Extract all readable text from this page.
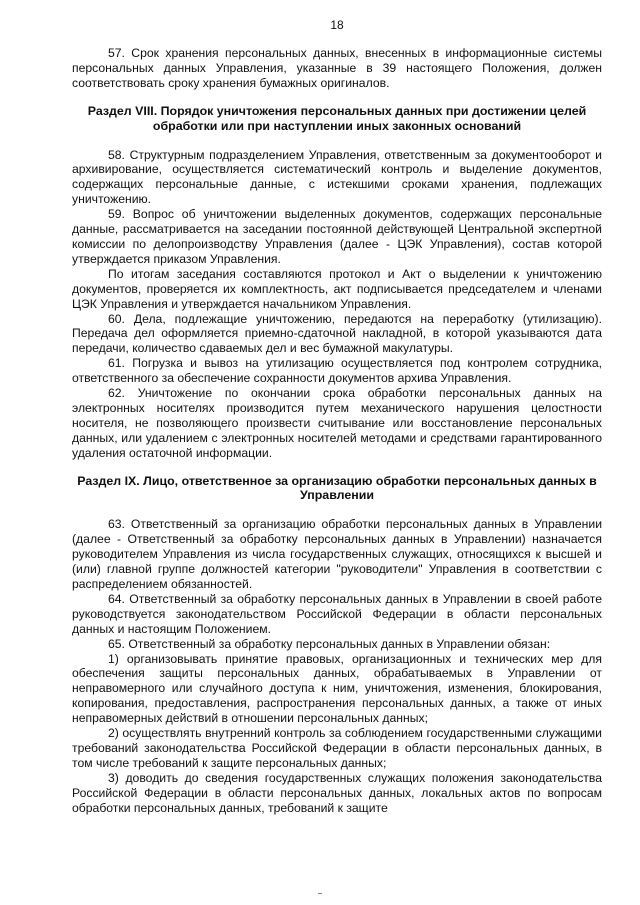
18

57. Срок хранения персональных данных, внесенных в информационные системы персональных данных Управления, указанные в 39 настоящего Положения, должен соответствовать сроку хранения бумажных оригиналов.

Раздел VIII. Порядок уничтожения персональных данных при достижении целей обработки или при наступлении иных законных оснований

58. Структурным подразделением Управления, ответственным за документооборот и архивирование, осуществляется систематический контроль и выделение документов, содержащих персональные данные, с истекшими сроками хранения, подлежащих уничтожению.

59. Вопрос об уничтожении выделенных документов, содержащих персональные данные, рассматривается на заседании постоянной действующей Центральной экспертной комиссии по делопроизводству Управления (далее - ЦЭК Управления), состав которой утверждается приказом Управления.

По итогам заседания составляются протокол и Акт о выделении к уничтожению документов, проверяется их комплектность, акт подписывается председателем и членами ЦЭК Управления и утверждается начальником Управления.

60. Дела, подлежащие уничтожению, передаются на переработку (утилизацию). Передача дел оформляется приемно-сдаточной накладной, в которой указываются дата передачи, количество сдаваемых дел и вес бумажной макулатуры.

61. Погрузка и вывоз на утилизацию осуществляется под контролем сотрудника, ответственного за обеспечение сохранности документов архива Управления.

62. Уничтожение по окончании срока обработки персональных данных на электронных носителях производится путем механического нарушения целостности носителя, не позволяющего произвести считывание или восстановление персональных данных, или удалением с электронных носителей методами и средствами гарантированного удаления остаточной информации.

Раздел IX. Лицо, ответственное за организацию обработки персональных данных в Управлении

63. Ответственный за организацию обработки персональных данных в Управлении (далее - Ответственный за обработку персональных данных в Управлении) назначается руководителем Управления из числа государственных служащих, относящихся к высшей и (или) главной группе должностей категории "руководители" Управления в соответствии с распределением обязанностей.

64. Ответственный за обработку персональных данных в Управлении в своей работе руководствуется законодательством Российской Федерации в области персональных данных и настоящим Положением.

65. Ответственный за обработку персональных данных в Управлении обязан:

1) организовывать принятие правовых, организационных и технических мер для обеспечения защиты персональных данных, обрабатываемых в Управлении от неправомерного или случайного доступа к ним, уничтожения, изменения, блокирования, копирования, предоставления, распространения персональных данных, а также от иных неправомерных действий в отношении персональных данных;

2) осуществлять внутренний контроль за соблюдением государственными служащими требований законодательства Российской Федерации в области персональных данных, в том числе требований к защите персональных данных;

3) доводить до сведения государственных служащих положения законодательства Российской Федерации в области персональных данных, локальных актов по вопросам обработки персональных данных, требований к защите
